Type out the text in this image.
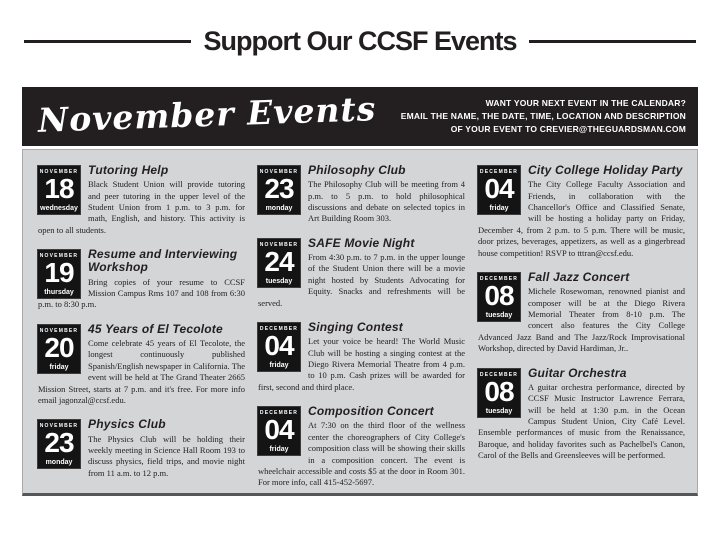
Support Our CCSF Events
November Events	WANT YOUR NEXT EVENT IN THE CALENDAR?
EMAIL THE NAME, THE DATE, TIME, LOCATION AND DESCRIPTION
OF YOUR EVENT TO CREVIER@THEGUARDSMAN.COM
NOVEMBER
18
wednesday
Tutoring Help

Black Student Union will provide tutoring and peer tutoring in the upper level of the Student Union from 1 p.m. to 3 p.m. for math, English, and history. This activity is open to all students.

NOVEMBER
19
thursday
Resume and Interviewing Workshop

Bring copies of your resume to CCSF Mission Campus Rms 107 and 108 from 6:30 p.m. to 8:30 p.m.

NOVEMBER
20
friday
45 Years of El Tecolote

Come celebrate 45 years of El Tecolote, the longest continuously published Spanish/English newspaper in California. The event will be held at The Grand Theater 2665 Mission Street, starts at 7 p.m. and it's free. For more info email jagonzal@ccsf.edu.

NOVEMBER
23
monday
Physics Club

The Physics Club will be holding their weekly meeting in Science Hall Room 193 to discuss physics, field trips, and movie night from 11 a.m. to 12 p.m.

NOVEMBER
23
monday
Philosophy Club

The Philosophy Club will be meeting from 4 p.m. to 5 p.m. to hold philosophical discussions and debate on selected topics in Art Building Room 303.

NOVEMBER
24
tuesday
SAFE Movie Night

From 4:30 p.m. to 7 p.m. in the upper lounge of the Student Union there will be a movie night hosted by Students Advocating for Equity. Snacks and refreshments will be served.

DECEMBER
04
friday
Singing Contest

Let your voice be heard! The World Music Club will be hosting a singing contest at the Diego Rivera Memorial Theatre from 4 p.m. to 10 p.m. Cash prizes will be awarded for first, second and third place.

DECEMBER
04
friday
Composition Concert

At 7:30 on the third floor of the wellness center the choreographers of City College's composition class will be showing their skills in a composition concert. The event is wheelchair accessible and costs $5 at the door in Room 301. For more info, call 415-452-5697.

DECEMBER
04
friday
City College Holiday Party

The City College Faculty Association and Friends, in collaboration with the Chancellor's Office and Classified Senate, will be hosting a holiday party on Friday, December 4, from 2 p.m. to 5 p.m. There will be music, door prizes, beverages, appetizers, as well as a gingerbread house competition! RSVP to tttran@ccsf.edu.

DECEMBER
08
tuesday
Fall Jazz Concert

Michele Rosewoman, renowned pianist and composer will be at the Diego Rivera Memorial Theater from 8-10 p.m. The concert also features the City College Advanced Jazz Band and The Jazz/Rock Improvisational Workshop, directed by David Hardiman, Jr..

DECEMBER
08
tuesday
Guitar Orchestra

A guitar orchestra performance, directed by CCSF Music Instructor Lawrence Ferrara, will be held at 1:30 p.m. in the Ocean Campus Student Union, City Café Level. Ensemble performances of music from the Renaissance, Baroque, and holiday favorites such as Pachelbel's Canon, Carol of the Bells and Greensleeves will be performed.
